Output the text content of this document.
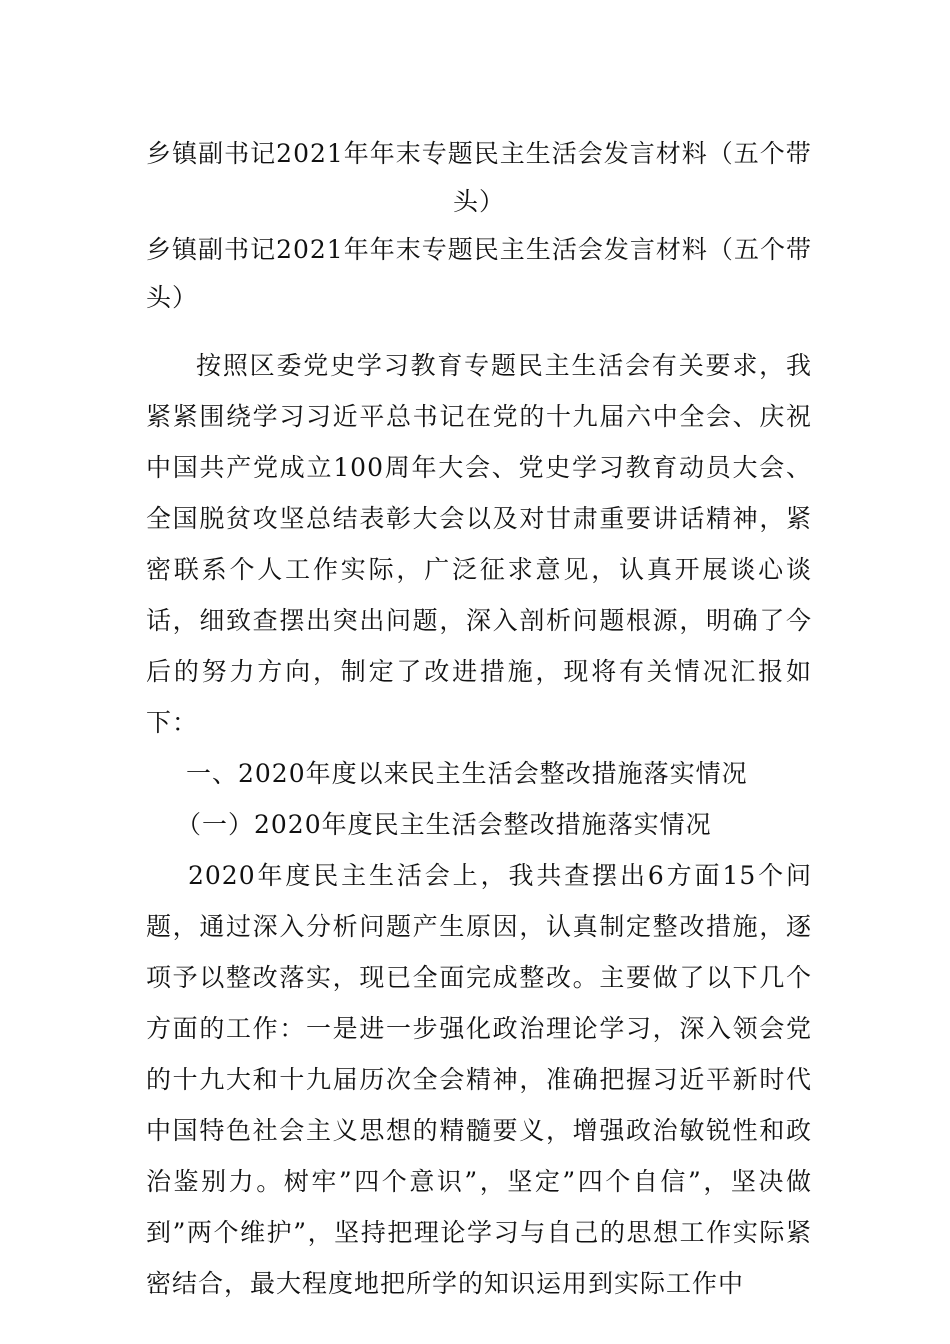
乡镇副书记2021年年末专题民主生活会发言材料（五个带头）

乡镇副书记2021年年末专题民主生活会发言材料（五个带头）

按照区委党史学习教育专题民主生活会有关要求，我紧紧围绕学习习近平总书记在党的十九届六中全会、庆祝中国共产党成立100周年大会、党史学习教育动员大会、全国脱贫攻坚总结表彰大会以及对甘肃重要讲话精神，紧密联系个人工作实际，广泛征求意见，认真开展谈心谈话，细致查摆出突出问题，深入剖析问题根源，明确了今后的努力方向，制定了改进措施，现将有关情况汇报如下：

一、2020年度以来民主生活会整改措施落实情况

（一）2020年度民主生活会整改措施落实情况

2020年度民主生活会上，我共查摆出6方面15个问题，通过深入分析问题产生原因，认真制定整改措施，逐项予以整改落实，现已全面完成整改。主要做了以下几个方面的工作：一是进一步强化政治理论学习，深入领会党的十九大和十九届历次全会精神，准确把握习近平新时代中国特色社会主义思想的精髓要义，增强政治敏锐性和政治鉴别力。树牢”四个意识”，坚定”四个自信”，坚决做到”两个维护”，坚持把理论学习与自己的思想工作实际紧密结合，最大程度地把所学的知识运用到实际工作中
